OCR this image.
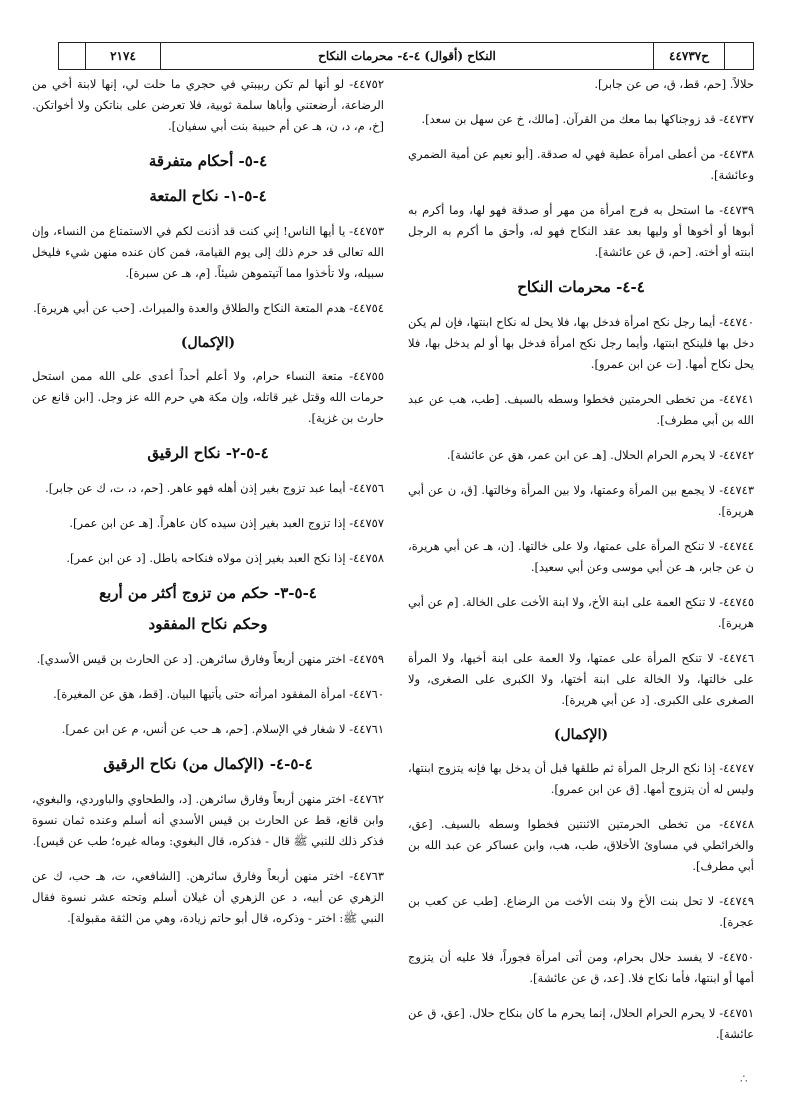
ح٤٤٧٣٧
النكاح (أقوال) ٤-٤- محرمات النكاح
٢١٧٤

حلالاً. [حم، قط، ق، ص عن جابر].

٤٤٧٣٧- قد زوجناكها بما معك من القرآن. [مالك، خ عن سهل بن سعد].

٤٤٧٣٨- من أعطى امرأة عطية فهي له صدقة. [أبو نعيم عن أمية الضمري وعائشة].

٤٤٧٣٩- ما استحل به فرج امرأة من مهر أو صدقة فهو لها، وما أكرم به أبوها أو أخوها أو وليها بعد عقد النكاح فهو له، وأحق ما أكرم به الرجل ابنته أو أخته. [حم، ق عن عائشة].

٤-٤- محرمات النكاح

٤٤٧٤٠- أيما رجل نكح امرأة فدخل بها، فلا يحل له نكاح ابنتها، فإن لم يكن دخل بها فلينكح ابنتها، وأيما رجل نكح امرأة فدخل بها أو لم يدخل بها، فلا يحل نكاح أمها. [ت عن ابن عمرو].

٤٤٧٤١- من تخطى الحرمتين فخطوا وسطه بالسيف. [طب، هب عن عبد الله بن أبي مطرف].

٤٤٧٤٢- لا يحرم الحرام الحلال. [هـ عن ابن عمر، هق عن عائشة].

٤٤٧٤٣- لا يجمع بين المرأة وعمتها، ولا بين المرأة وخالتها. [ق، ن عن أبي هريرة].

٤٤٧٤٤- لا تنكح المرأة على عمتها، ولا على خالتها. [ن، هـ عن أبي هريرة، ن عن جابر، هـ عن أبي موسى وعن أبي سعيد].

٤٤٧٤٥- لا تنكح العمة على ابنة الأخ، ولا ابنة الأخت على الخالة. [م عن أبي هريرة].

٤٤٧٤٦- لا تنكح المرأة على عمتها، ولا العمة على ابنة أخيها، ولا المرأة على خالتها، ولا الخالة على ابنة أختها، ولا الكبرى على الصغرى، ولا الصغرى على الكبرى. [د عن أبي هريرة].

(الإكمال)

٤٤٧٤٧- إذا نكح الرجل المرأة ثم طلقها قبل أن يدخل بها فإنه يتزوج ابنتها، وليس له أن يتزوج أمها. [ق عن ابن عمرو].

٤٤٧٤٨- من تخطى الحرمتين الاثنتين فخطوا وسطه بالسيف. [عق، والخرائطي في مساوئ الأخلاق، طب، هب، وابن عساكر عن عبد الله بن أبي مطرف].

٤٤٧٤٩- لا تحل بنت الأخ ولا بنت الأخت من الرضاع. [طب عن كعب بن عجرة].

٤٤٧٥٠- لا يفسد حلال بحرام، ومن أتى امرأة فجوراً، فلا عليه أن يتزوج أمها أو ابنتها، فأما نكاح فلا. [عد، ق عن عائشة].

٤٤٧٥١- لا يحرم الحرام الحلال، إنما يحرم ما كان بنكاح حلال. [عق، ق عن عائشة].

٤٤٧٥٢- لو أنها لم تكن ربيبتي في حجري ما حلت لي، إنها لابنة أخي من الرضاعة، أرضعتني وأباها سلمة ثوبية، فلا تعرضن على بناتكن ولا أخواتكن. [خ، م، د، ن، هـ عن أم حبيبة بنت أبي سفيان].

٤-٥- أحكام متفرقة
٤-٥-١- نكاح المتعة

٤٤٧٥٣- يا أيها الناس! إني كنت قد أذنت لكم في الاستمتاع من النساء، وإن الله تعالى قد حرم ذلك إلى يوم القيامة، فمن كان عنده منهن شيء فليخل سبيله، ولا تأخذوا مما آتيتموهن شيئاً. [م، هـ عن سبرة].

٤٤٧٥٤- هدم المتعة النكاح والطلاق والعدة والميراث. [حب عن أبي هريرة].

(الإكمال)

٤٤٧٥٥- متعة النساء حرام، ولا أعلم أحداً أعدى على الله ممن استحل حرمات الله وقتل غير قاتله، وإن مكة هي حرم الله عز وجل. [ابن قانع عن حارث بن غزية].

٤-٥-٢- نكاح الرقيق

٤٤٧٥٦- أيما عبد تزوج بغير إذن أهله فهو عاهر. [حم، د، ت، ك عن جابر].

٤٤٧٥٧- إذا تزوج العبد بغير إذن سيده كان عاهراً. [هـ عن ابن عمر].

٤٤٧٥٨- إذا نكح العبد بغير إذن مولاه فنكاحه باطل. [د عن ابن عمر].

٤-٥-٣- حكم من تزوج أكثر من أربع
وحكم نكاح المفقود

٤٤٧٥٩- اختر منهن أربعاً وفارق سائرهن. [د عن الحارث بن قيس الأسدي].

٤٤٧٦٠- امرأة المفقود امرأته حتى يأتيها البيان. [قط، هق عن المغيرة].

٤٤٧٦١- لا شغار في الإسلام. [حم، هـ حب عن أنس، م عن ابن عمر].

٤-٥-٤- (الإكمال من) نكاح الرقيق

٤٤٧٦٢- اختر منهن أربعاً وفارق سائرهن. [د، والطحاوي والباوردي، والبغوي، وابن قانع، قط عن الحارث بن قيس الأسدي أنه أسلم وعنده ثمان نسوة فذكر ذلك للنبي ﷺ قال - فذكره، قال البغوي: وماله غيره؛ طب عن قيس].

٤٤٧٦٣- اختر منهن أربعاً وفارق سائرهن. [الشافعي، ت، هـ حب، ك عن الزهري عن أبيه، د عن الزهري أن غيلان أسلم وتحته عشر نسوة فقال النبي ﷺ: اختر - وذكره، قال أبو حاتم زيادة، وهي من الثقة مقبولة].

∴
